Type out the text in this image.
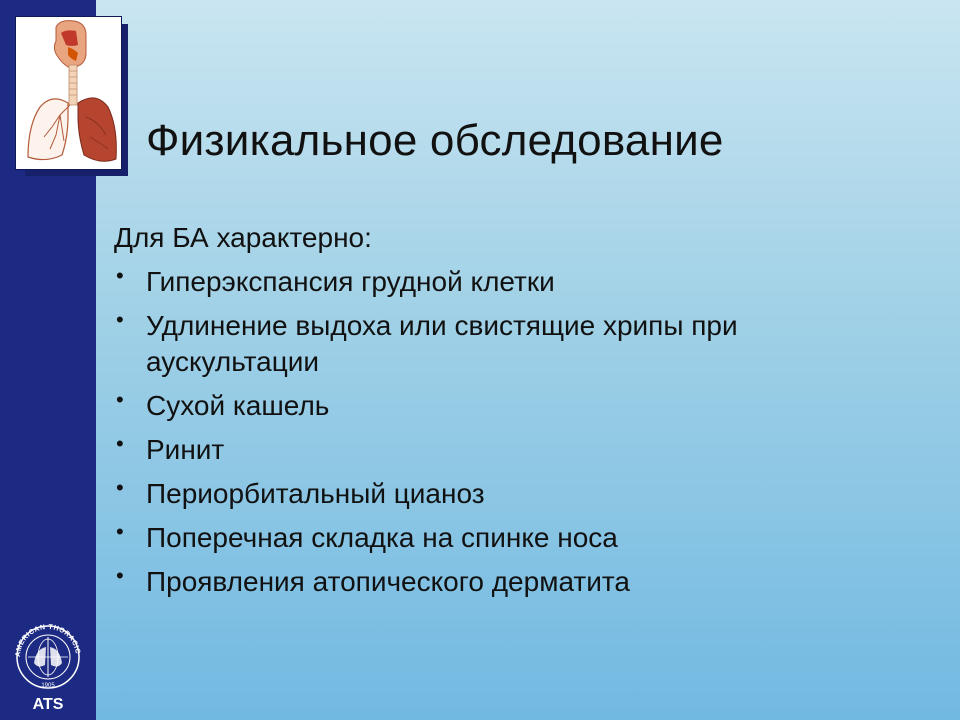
Физикальное обследование
Для БА характерно:
• Гиперэкспансия грудной клетки
• Удлинение выдоха или свистящие хрипы при аускультации
• Сухой кашель
• Ринит
• Периорбитальный цианоз
• Поперечная складка на спинке носа
• Проявления атопического дерматита
AMERICAN THORACIC
1905
ATS
